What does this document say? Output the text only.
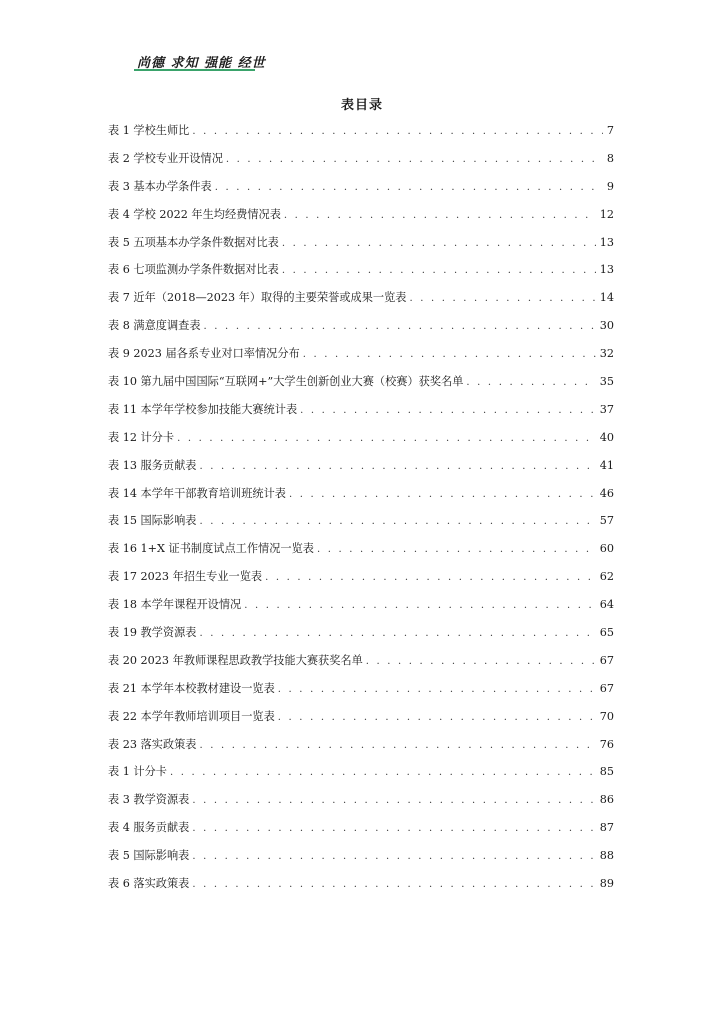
尚德 求知 强能 经世
表目录
表 1 学校生师比 . . .	7
表 2 学校专业开设情况 . . .	8
表 3 基本办学条件表 . . .	9
表 4 学校 2022 年生均经费情况表 . . .	12
表 5 五项基本办学条件数据对比表 . . .	13
表 6 七项监测办学条件数据对比表 . . .	13
表 7 近年（2018—2023 年）取得的主要荣誉或成果一览表 . . .	14
表 8 满意度调查表 . . .	30
表 9 2023 届各系专业对口率情况分布 . . .	32
表 10 第九届中国国际“互联网+”大学生创新创业大赛（校赛）获奖名单 . . .	35
表 11 本学年学校参加技能大赛统计表 . . .	37
表 12 计分卡 . . .	40
表 13 服务贡献表 . . .	41
表 14 本学年干部教育培训班统计表 . . .	46
表 15 国际影响表 . . .	57
表 16 1+X 证书制度试点工作情况一览表 . . .	60
表 17 2023 年招生专业一览表 . . .	62
表 18 本学年课程开设情况 . . .	64
表 19 教学资源表 . . .	65
表 20 2023 年教师课程思政教学技能大赛获奖名单 . . .	67
表 21 本学年本校教材建设一览表 . . .	67
表 22 本学年教师培训项目一览表 . . .	70
表 23 落实政策表 . . .	76
表 1 计分卡 . . .	85
表 3 教学资源表 . . .	86
表 4 服务贡献表 . . .	87
表 5 国际影响表 . . .	88
表 6 落实政策表 . . .	89
